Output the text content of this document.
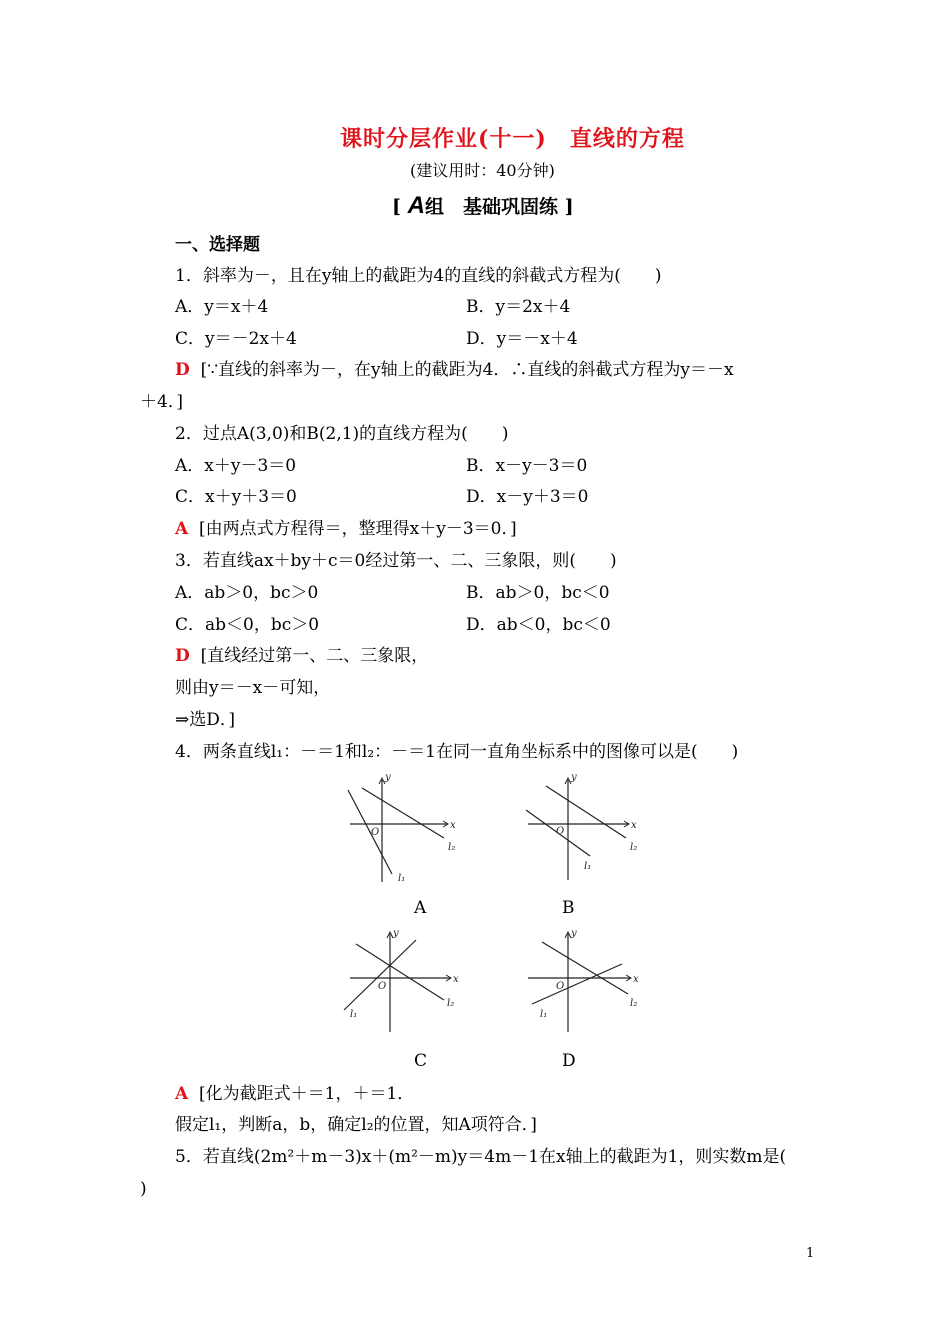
课时分层作业(十一)　直线的方程
(建议用时：40分钟)
[ A组　基础巩固练 ]
一、选择题
1．斜率为－，且在y轴上的截距为4的直线的斜截式方程为(　　)
A．y＝x＋4	B．y＝2x＋4
C．y＝－2x＋4	D．y＝－x＋4
D [∵直线的斜率为－，在y轴上的截距为4．∴直线的斜截式方程为y＝－x
＋4．]
2．过点A(3,0)和B(2,1)的直线方程为(　　)
A．x＋y－3＝0	B．x－y－3＝0
C．x＋y＋3＝0	D．x－y＋3＝0
A [由两点式方程得＝，整理得x＋y－3＝0．]
3．若直线ax＋by＋c＝0经过第一、二、三象限，则(　　)
A．ab＞0，bc＞0	B．ab＞0，bc＜0
C．ab＜0，bc＞0	D．ab＜0，bc＜0
D [直线经过第一、二、三象限，
则由y＝－x－可知，
⇒选D．]
4．两条直线l₁：－＝1和l₂：－＝1在同一直角坐标系中的图像可以是(　　)
x
y
O
l₁
l₂
A
x
y
O
l₁
l₂
B
x
y
O
l₁
l₂
C
x
y
O
l₁
l₂
D
A [化为截距式＋＝1，＋＝1．
假定l₁，判断a，b，确定l₂的位置，知A项符合．]
5．若直线(2m²＋m－3)x＋(m²－m)y＝4m－1在x轴上的截距为1，则实数m是(
)
1
